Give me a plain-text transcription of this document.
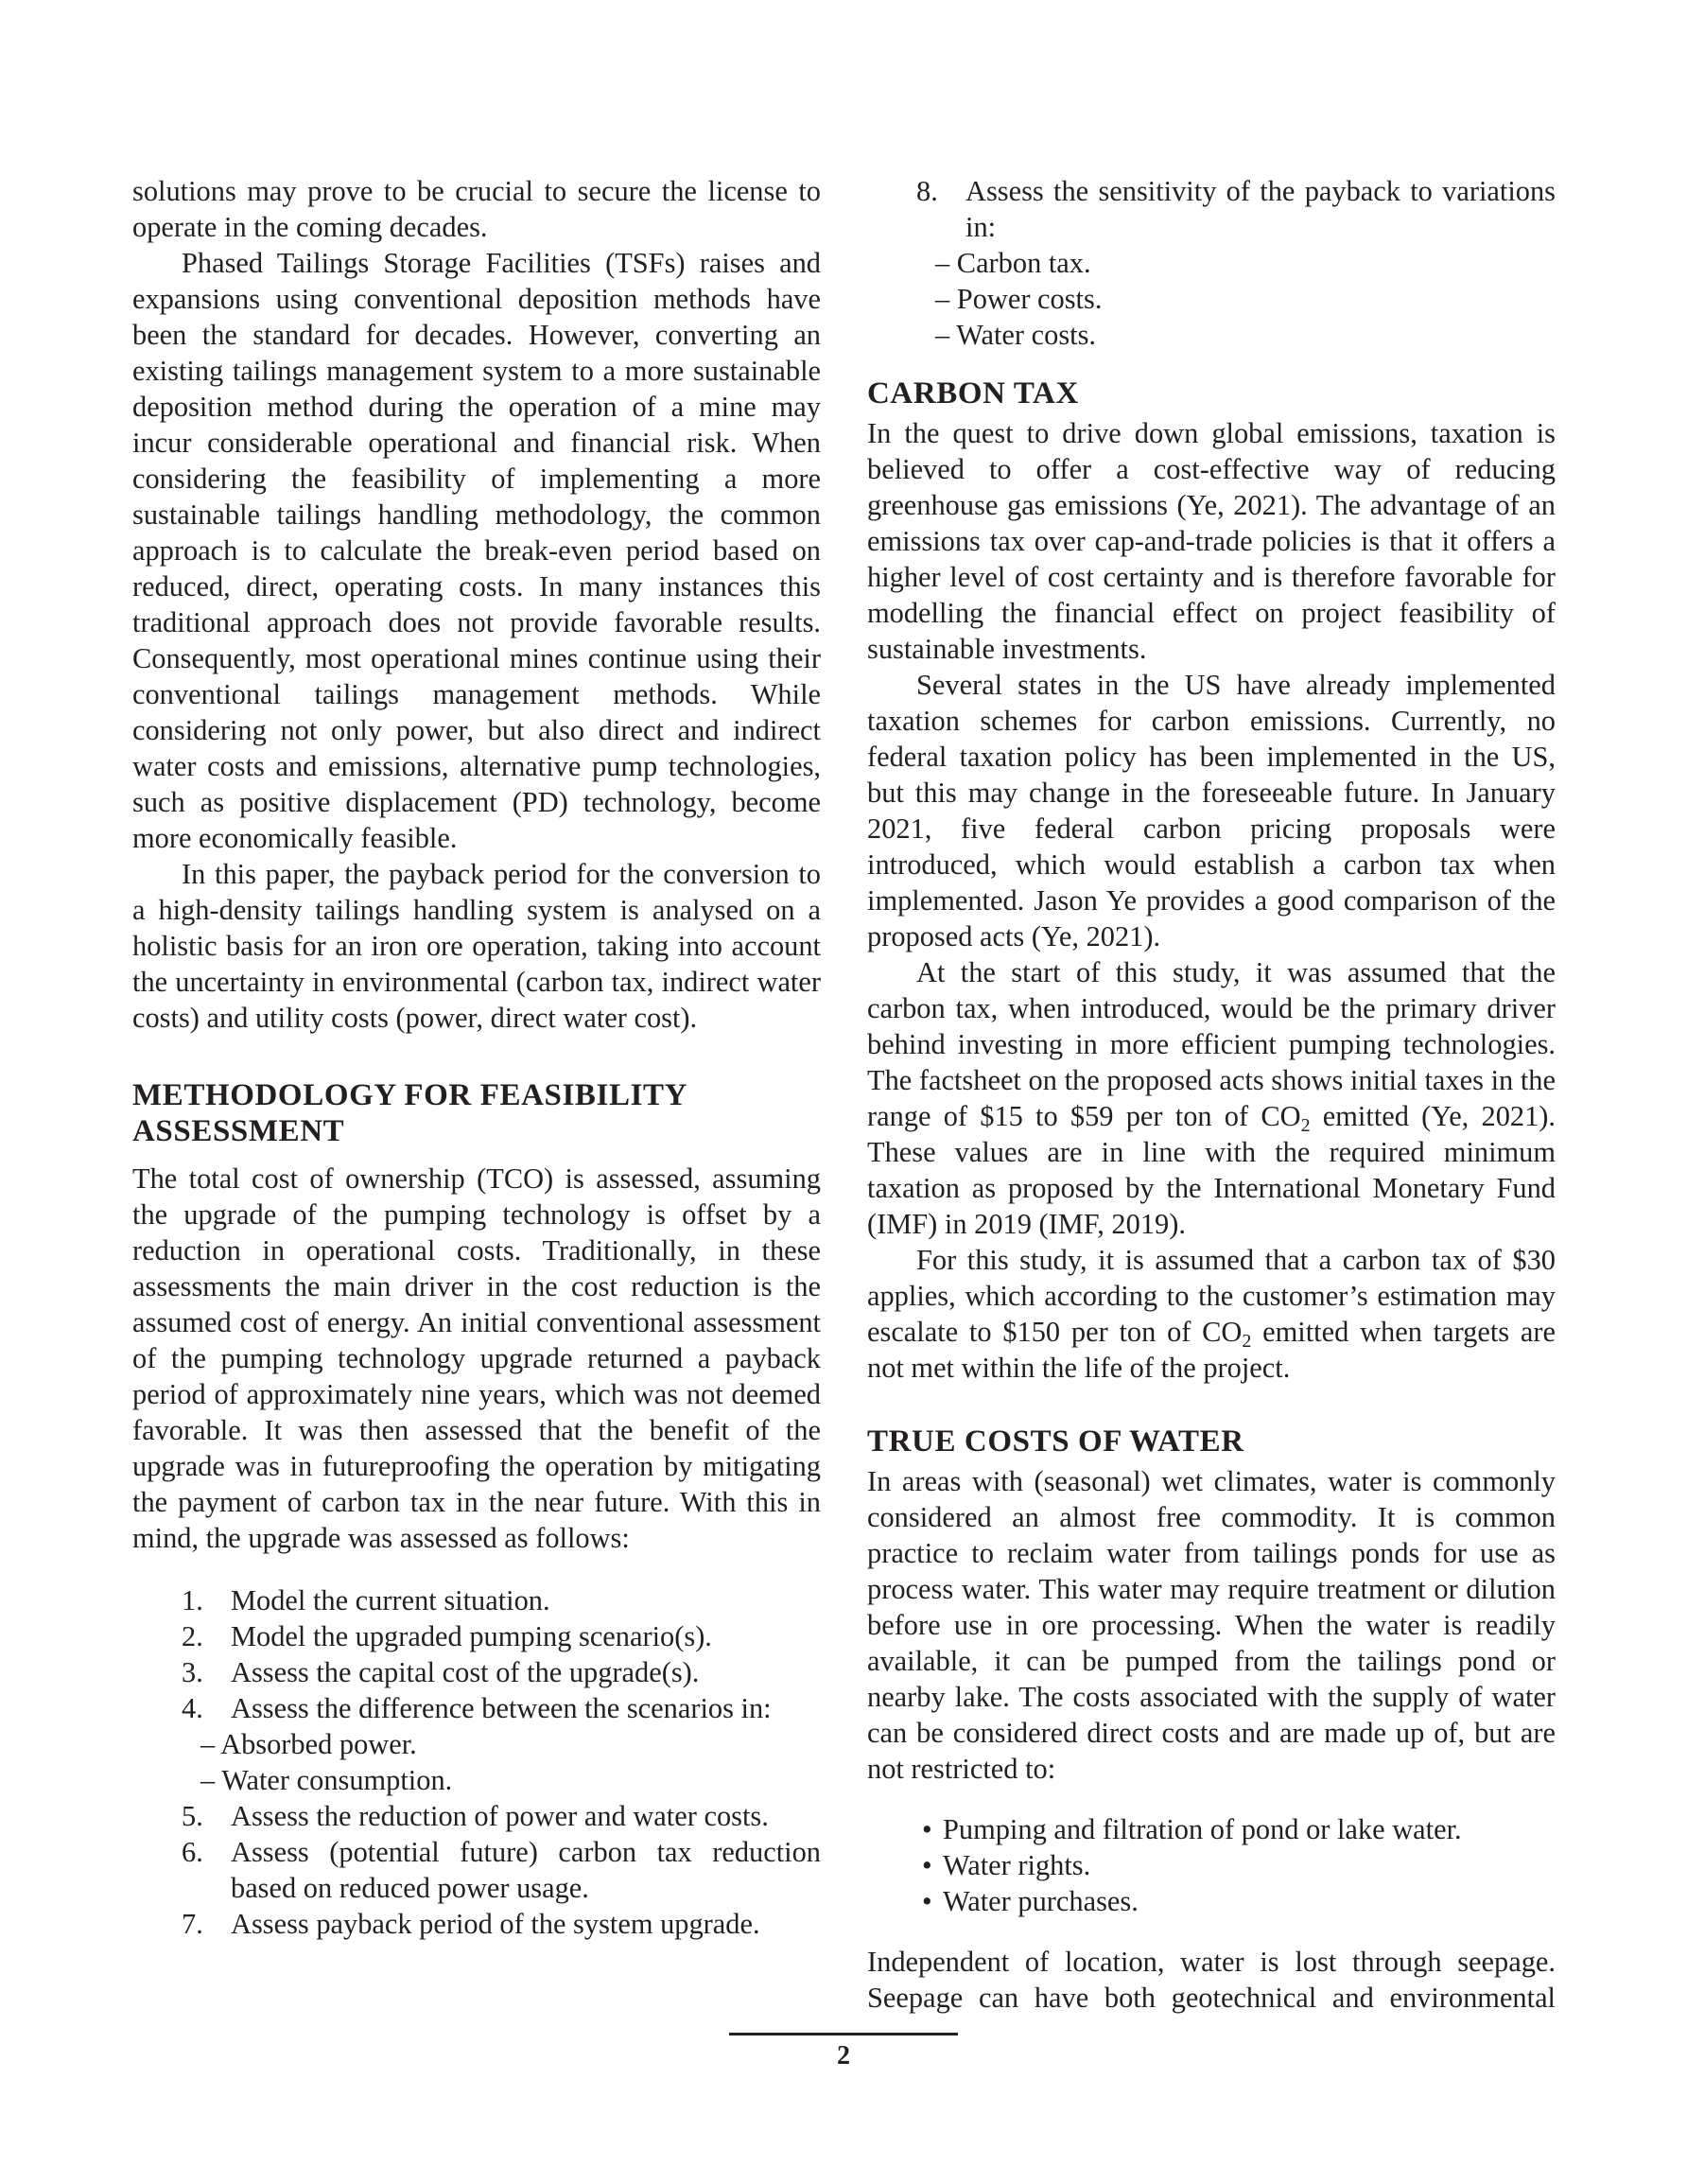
solutions may prove to be crucial to secure the license to operate in the coming decades.

Phased Tailings Storage Facilities (TSFs) raises and expansions using conventional deposition methods have been the standard for decades. However, converting an existing tailings management system to a more sustainable deposition method during the operation of a mine may incur considerable operational and financial risk. When considering the feasibility of implementing a more sustainable tailings handling methodology, the common approach is to calculate the break-even period based on reduced, direct, operating costs. In many instances this traditional approach does not provide favorable results. Consequently, most operational mines continue using their conventional tailings management methods. While considering not only power, but also direct and indirect water costs and emissions, alternative pump technologies, such as positive displacement (PD) technology, become more economically feasible.

In this paper, the payback period for the conversion to a high-density tailings handling system is analysed on a holistic basis for an iron ore operation, taking into account the uncertainty in environmental (carbon tax, indirect water costs) and utility costs (power, direct water cost).

METHODOLOGY FOR FEASIBILITY ASSESSMENT

The total cost of ownership (TCO) is assessed, assuming the upgrade of the pumping technology is offset by a reduction in operational costs. Traditionally, in these assessments the main driver in the cost reduction is the assumed cost of energy. An initial conventional assessment of the pumping technology upgrade returned a payback period of approximately nine years, which was not deemed favorable. It was then assessed that the benefit of the upgrade was in futureproofing the operation by mitigating the payment of carbon tax in the near future. With this in mind, the upgrade was assessed as follows:

1. Model the current situation.
2. Model the upgraded pumping scenario(s).
3. Assess the capital cost of the upgrade(s).
4. Assess the difference between the scenarios in:
– Absorbed power.
– Water consumption.
5. Assess the reduction of power and water costs.
6. Assess (potential future) carbon tax reduction based on reduced power usage.
7. Assess payback period of the system upgrade.
8. Assess the sensitivity of the payback to variations in:
– Carbon tax.
– Power costs.
– Water costs.
CARBON TAX

In the quest to drive down global emissions, taxation is believed to offer a cost-effective way of reducing greenhouse gas emissions (Ye, 2021). The advantage of an emissions tax over cap-and-trade policies is that it offers a higher level of cost certainty and is therefore favorable for modelling the financial effect on project feasibility of sustainable investments.

Several states in the US have already implemented taxation schemes for carbon emissions. Currently, no federal taxation policy has been implemented in the US, but this may change in the foreseeable future. In January 2021, five federal carbon pricing proposals were introduced, which would establish a carbon tax when implemented. Jason Ye provides a good comparison of the proposed acts (Ye, 2021).

At the start of this study, it was assumed that the carbon tax, when introduced, would be the primary driver behind investing in more efficient pumping technologies. The factsheet on the proposed acts shows initial taxes in the range of $15 to $59 per ton of $CO_2$ emitted (Ye, 2021). These values are in line with the required minimum taxation as proposed by the International Monetary Fund (IMF) in 2019 (IMF, 2019).

For this study, it is assumed that a carbon tax of $30 applies, which according to the customer’s estimation may escalate to $150 per ton of $CO_2$ emitted when targets are not met within the life of the project.

TRUE COSTS OF WATER

In areas with (seasonal) wet climates, water is commonly considered an almost free commodity. It is common practice to reclaim water from tailings ponds for use as process water. This water may require treatment or dilution before use in ore processing. When the water is readily available, it can be pumped from the tailings pond or nearby lake. The costs associated with the supply of water can be considered direct costs and are made up of, but are not restricted to:

• Pumping and filtration of pond or lake water.
• Water rights.
• Water purchases.

Independent of location, water is lost through seepage. Seepage can have both geotechnical and environmental

2
